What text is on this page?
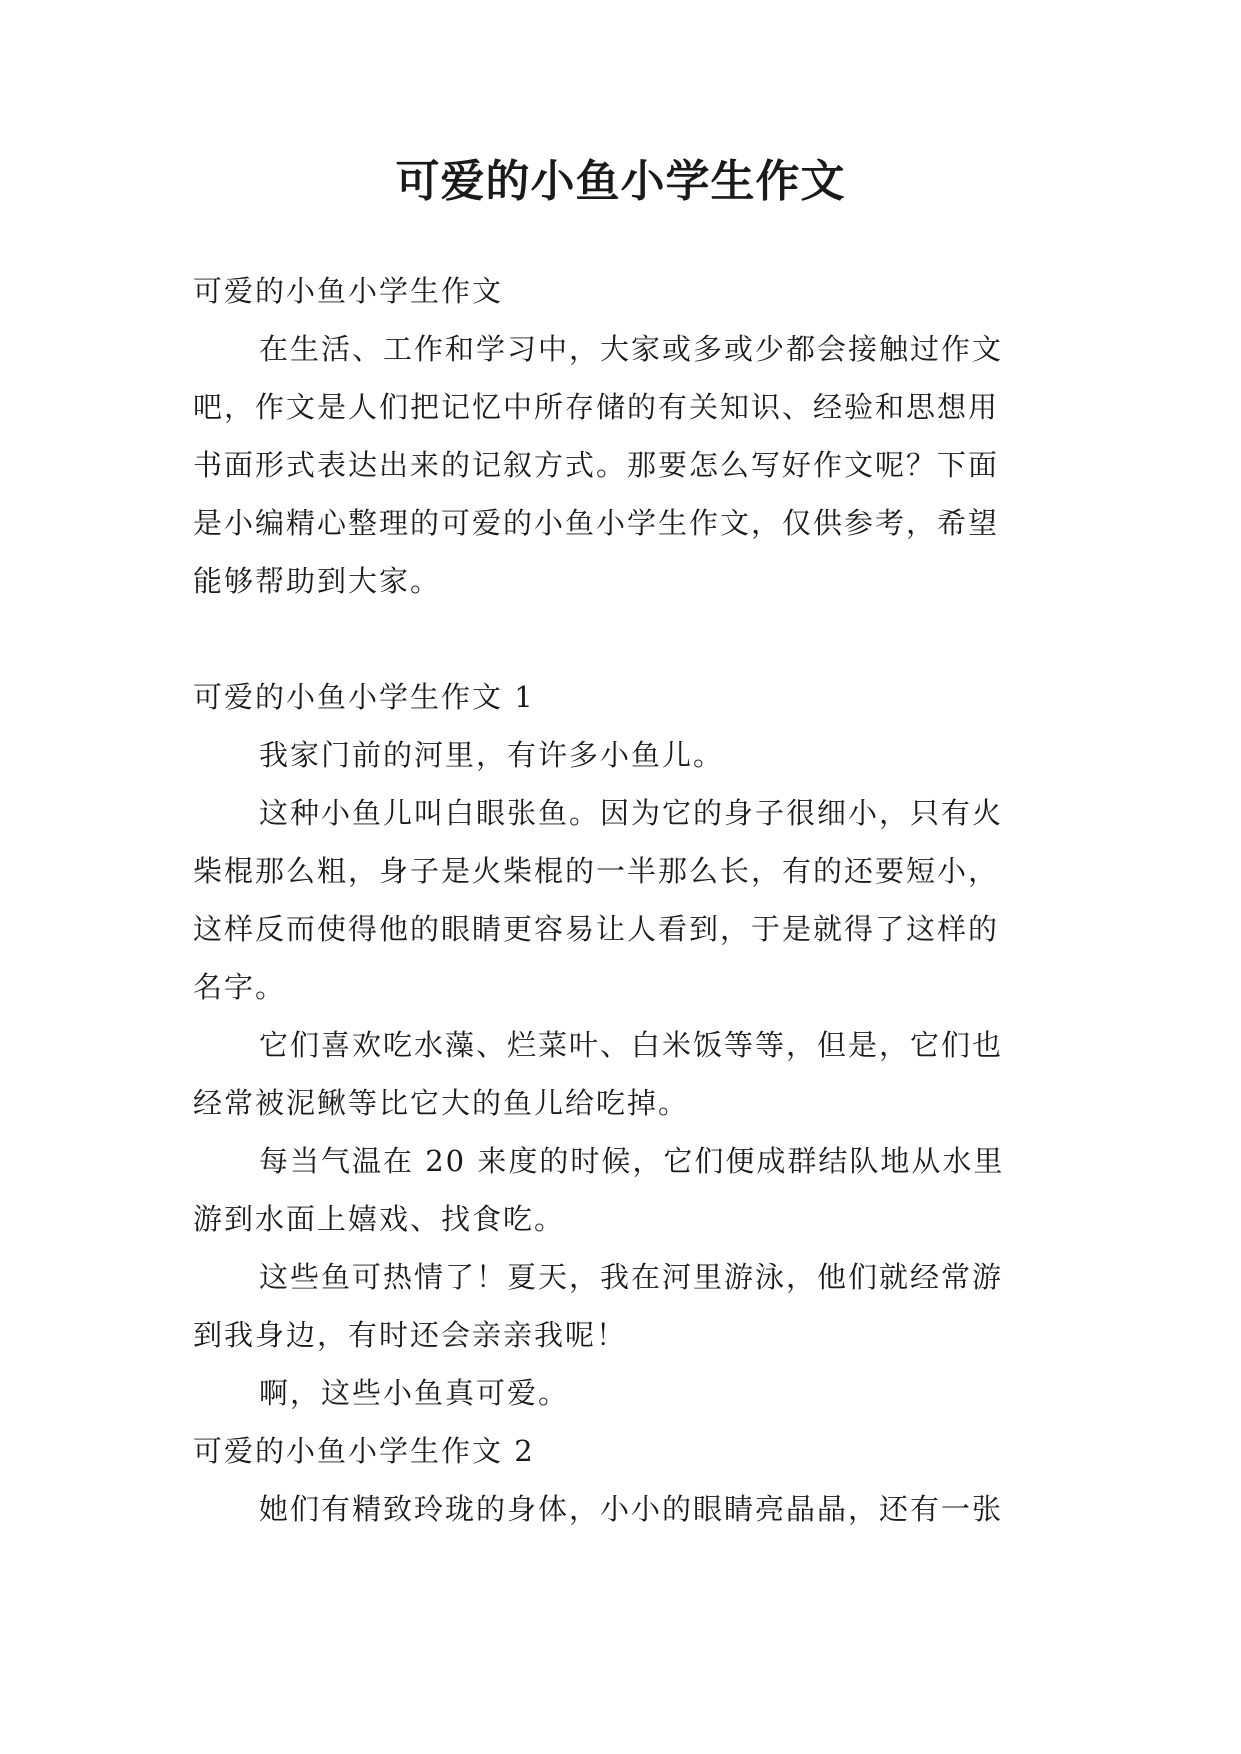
可爱的小鱼小学生作文
可爱的小鱼小学生作文
在生活、工作和学习中，大家或多或少都会接触过作文
吧，作文是人们把记忆中所存储的有关知识、经验和思想用
书面形式表达出来的记叙方式。那要怎么写好作文呢？下面
是小编精心整理的可爱的小鱼小学生作文，仅供参考，希望
能够帮助到大家。
可爱的小鱼小学生作文 1
我家门前的河里，有许多小鱼儿。
这种小鱼儿叫白眼张鱼。因为它的身子很细小，只有火
柴棍那么粗，身子是火柴棍的一半那么长，有的还要短小，
这样反而使得他的眼睛更容易让人看到，于是就得了这样的
名字。
它们喜欢吃水藻、烂菜叶、白米饭等等，但是，它们也
经常被泥鳅等比它大的鱼儿给吃掉。
每当气温在 20 来度的时候，它们便成群结队地从水里
游到水面上嬉戏、找食吃。
这些鱼可热情了！夏天，我在河里游泳，他们就经常游
到我身边，有时还会亲亲我呢！
啊，这些小鱼真可爱。
可爱的小鱼小学生作文 2
她们有精致玲珑的身体，小小的眼睛亮晶晶，还有一张
